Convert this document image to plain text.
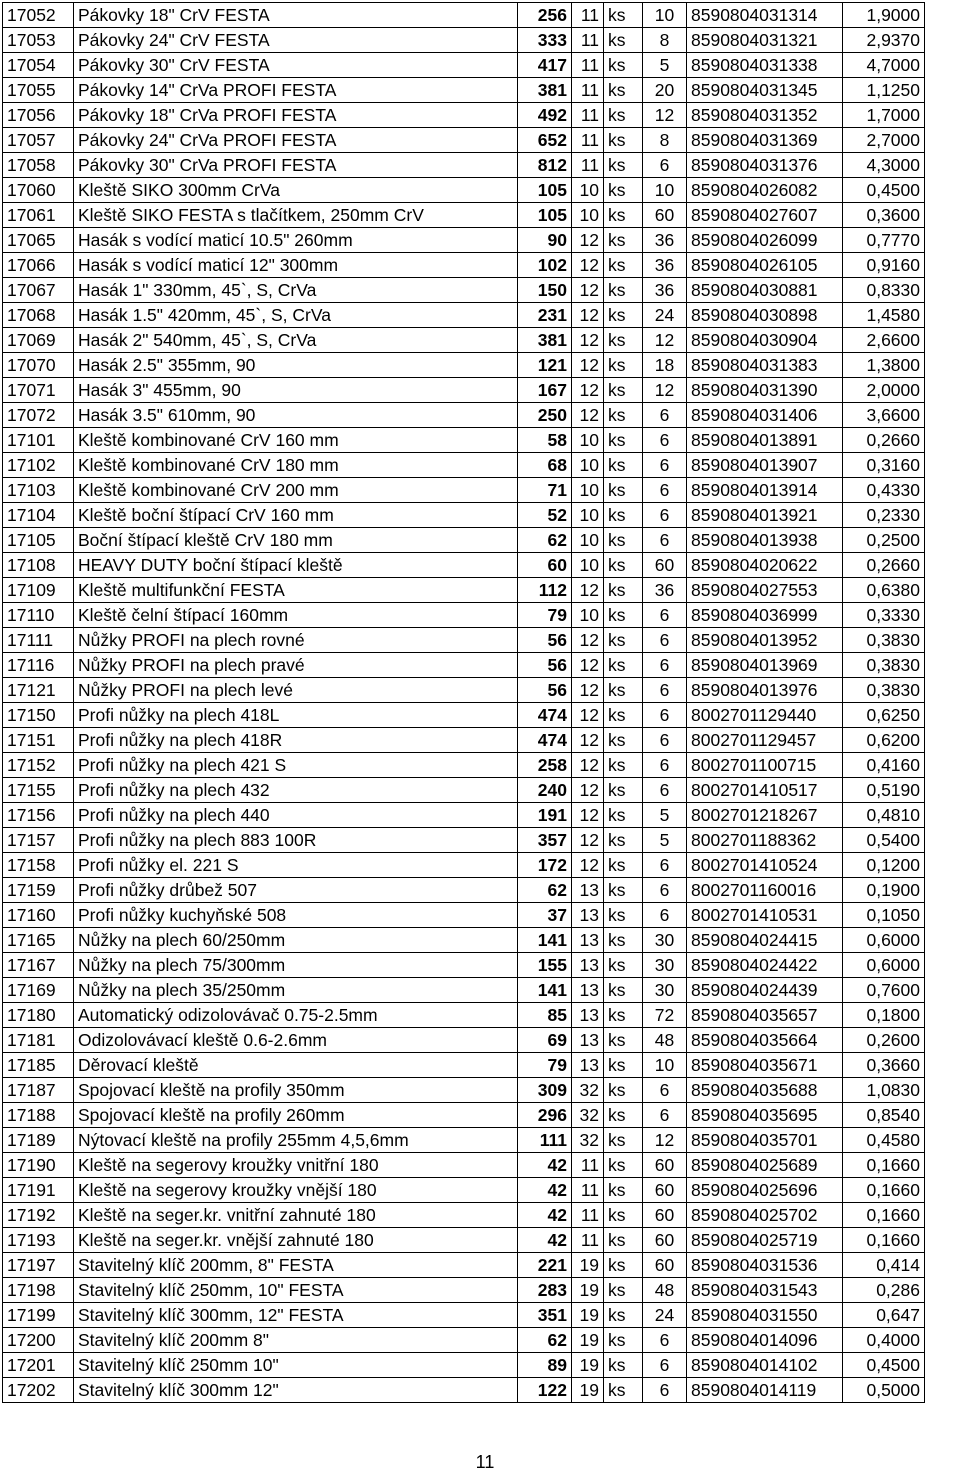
17052	Pákovky 18" CrV FESTA	256	11	ks	10	8590804031314	1,9000
17053	Pákovky 24" CrV FESTA	333	11	ks	8	8590804031321	2,9370
17054	Pákovky 30" CrV FESTA	417	11	ks	5	8590804031338	4,7000
17055	Pákovky 14" CrVa PROFI FESTA	381	11	ks	20	8590804031345	1,1250
17056	Pákovky 18" CrVa PROFI FESTA	492	11	ks	12	8590804031352	1,7000
17057	Pákovky 24" CrVa PROFI FESTA	652	11	ks	8	8590804031369	2,7000
17058	Pákovky 30" CrVa PROFI FESTA	812	11	ks	6	8590804031376	4,3000
17060	Kleště SIKO 300mm CrVa	105	10	ks	10	8590804026082	0,4500
17061	Kleště SIKO FESTA s tlačítkem, 250mm CrV	105	10	ks	60	8590804027607	0,3600
17065	Hasák s vodící maticí 10.5" 260mm	90	12	ks	36	8590804026099	0,7770
17066	Hasák s vodící maticí 12" 300mm	102	12	ks	36	8590804026105	0,9160
17067	Hasák 1" 330mm, 45`, S, CrVa	150	12	ks	36	8590804030881	0,8330
17068	Hasák 1.5" 420mm, 45`, S, CrVa	231	12	ks	24	8590804030898	1,4580
17069	Hasák 2" 540mm, 45`, S, CrVa	381	12	ks	12	8590804030904	2,6600
17070	Hasák 2.5" 355mm, 90	121	12	ks	18	8590804031383	1,3800
17071	Hasák 3" 455mm, 90	167	12	ks	12	8590804031390	2,0000
17072	Hasák 3.5" 610mm, 90	250	12	ks	6	8590804031406	3,6600
17101	Kleště kombinované CrV 160 mm	58	10	ks	6	8590804013891	0,2660
17102	Kleště kombinované CrV 180 mm	68	10	ks	6	8590804013907	0,3160
17103	Kleště kombinované CrV 200 mm	71	10	ks	6	8590804013914	0,4330
17104	Kleště boční štípací CrV 160 mm	52	10	ks	6	8590804013921	0,2330
17105	Boční štípací kleště CrV 180 mm	62	10	ks	6	8590804013938	0,2500
17108	HEAVY DUTY boční štípací kleště	60	10	ks	60	8590804020622	0,2660
17109	Kleště multifunkční FESTA	112	12	ks	36	8590804027553	0,6380
17110	Kleště čelní štípací 160mm	79	10	ks	6	8590804036999	0,3330
17111	Nůžky PROFI na plech rovné	56	12	ks	6	8590804013952	0,3830
17116	Nůžky PROFI na plech pravé	56	12	ks	6	8590804013969	0,3830
17121	Nůžky PROFI na plech levé	56	12	ks	6	8590804013976	0,3830
17150	Profi nůžky na plech 418L	474	12	ks	6	8002701129440	0,6250
17151	Profi nůžky na plech 418R	474	12	ks	6	8002701129457	0,6200
17152	Profi nůžky na plech 421 S	258	12	ks	6	8002701100715	0,4160
17155	Profi nůžky na plech 432	240	12	ks	6	8002701410517	0,5190
17156	Profi nůžky na plech 440	191	12	ks	5	8002701218267	0,4810
17157	Profi nůžky na plech 883 100R	357	12	ks	5	8002701188362	0,5400
17158	Profi nůžky el. 221 S	172	12	ks	6	8002701410524	0,1200
17159	Profi nůžky drůbež 507	62	13	ks	6	8002701160016	0,1900
17160	Profi nůžky kuchyňské 508	37	13	ks	6	8002701410531	0,1050
17165	Nůžky na plech 60/250mm	141	13	ks	30	8590804024415	0,6000
17167	Nůžky na plech 75/300mm	155	13	ks	30	8590804024422	0,6000
17169	Nůžky na plech 35/250mm	141	13	ks	30	8590804024439	0,7600
17180	Automatický odizolovávač 0.75-2.5mm	85	13	ks	72	8590804035657	0,1800
17181	Odizolovávací kleště 0.6-2.6mm	69	13	ks	48	8590804035664	0,2600
17185	Děrovací kleště	79	13	ks	10	8590804035671	0,3660
17187	Spojovací kleště na profily 350mm	309	32	ks	6	8590804035688	1,0830
17188	Spojovací kleště na profily 260mm	296	32	ks	6	8590804035695	0,8540
17189	Nýtovací kleště na profily 255mm 4,5,6mm	111	32	ks	12	8590804035701	0,4580
17190	Kleště na segerovy kroužky vnitřní 180	42	11	ks	60	8590804025689	0,1660
17191	Kleště na segerovy kroužky vnější 180	42	11	ks	60	8590804025696	0,1660
17192	Kleště na seger.kr. vnitřní zahnuté 180	42	11	ks	60	8590804025702	0,1660
17193	Kleště na seger.kr. vnější zahnuté 180	42	11	ks	60	8590804025719	0,1660
17197	Stavitelný klíč 200mm, 8" FESTA	221	19	ks	60	8590804031536	0,414
17198	Stavitelný klíč 250mm, 10" FESTA	283	19	ks	48	8590804031543	0,286
17199	Stavitelný klíč 300mm, 12" FESTA	351	19	ks	24	8590804031550	0,647
17200	Stavitelný klíč 200mm 8"	62	19	ks	6	8590804014096	0,4000
17201	Stavitelný klíč 250mm 10"	89	19	ks	6	8590804014102	0,4500
17202	Stavitelný klíč 300mm 12"	122	19	ks	6	8590804014119	0,5000
11
